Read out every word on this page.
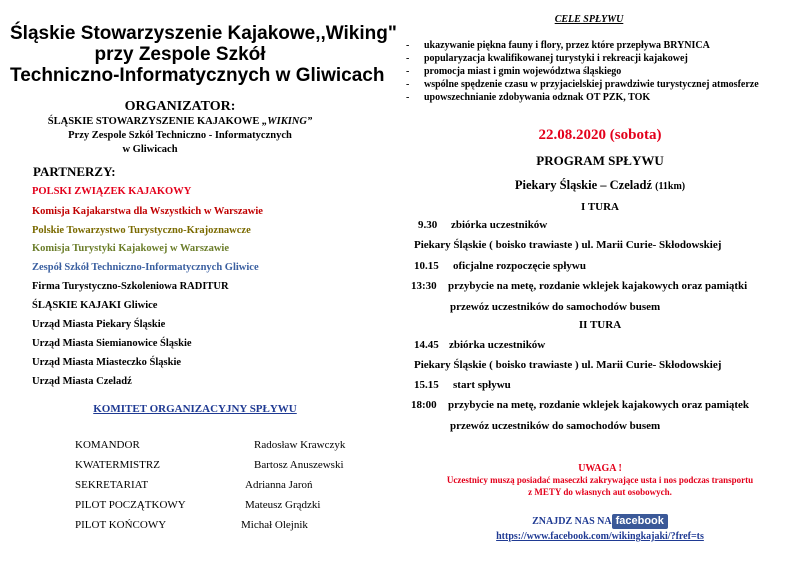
Śląskie Stowarzyszenie Kajakowe,,Wiking"
przy Zespole Szkół
Techniczno-Informatycznych w Gliwicach
ORGANIZATOR:
ŚLĄSKIE STOWARZYSZENIE KAJAKOWE „WIKING”
Przy Zespole Szkół Techniczno - Informatycznych
w Gliwicach
PARTNERZY:
POLSKI ZWIĄZEK KAJAKOWY
Komisja Kajakarstwa dla Wszystkich w Warszawie
Polskie Towarzystwo Turystyczno-Krajoznawcze
Komisja Turystyki Kajakowej w Warszawie
Zespół Szkół Techniczno-Informatycznych Gliwice
Firma Turystyczno-Szkoleniowa RADITUR
ŚLĄSKIE KAJAKI Gliwice
Urząd Miasta Piekary Śląskie
Urząd Miasta Siemianowice Śląskie
Urząd Miasta Miasteczko Śląskie
Urząd Miasta Czeladź
KOMITET ORGANIZACYJNY SPŁYWU
KOMANDOR	Radosław Krawczyk
KWATERMISTRZ	Bartosz Anuszewski
SEKRETARIAT	Adrianna Jaroń
PILOT POCZĄTKOWY	Mateusz Grądzki
PILOT KOŃCOWY	Michał Olejnik
CELE SPŁYWU
- ukazywanie piękna fauny i flory, przez które przepływa BRYNICA
- popularyzacja kwalifikowanej turystyki i rekreacji kajakowej
- promocja miast i gmin województwa śląskiego
- wspólne spędzenie czasu w przyjacielskiej prawdziwie turystycznej atmosferze
- upowszechnianie zdobywania odznak OT PZK, TOK
22.08.2020 (sobota)
PROGRAM SPŁYWU
Piekary Śląskie – Czeladź (11km)
I TURA
9.30 zbiórka uczestników
Piekary Śląskie ( boisko trawiaste ) ul. Marii Curie- Skłodowskiej
10.15 oficjalne rozpoczęcie spływu
13:30 przybycie na metę, rozdanie wklejek kajakowych oraz pamiątki
przewóz uczestników do samochodów busem
II TURA
14.45 zbiórka uczestników
Piekary Śląskie ( boisko trawiaste ) ul. Marii Curie- Skłodowskiej
15.15 start spływu
18:00 przybycie na metę, rozdanie wklejek kajakowych oraz pamiątek
przewóz uczestników do samochodów busem
UWAGA !
Uczestnicy muszą posiadać maseczki zakrywające usta i nos podczas transportu
z METY do własnych aut osobowych.
ZNAJDZ NAS NA facebook
https://www.facebook.com/wikingkajaki/?fref=ts
